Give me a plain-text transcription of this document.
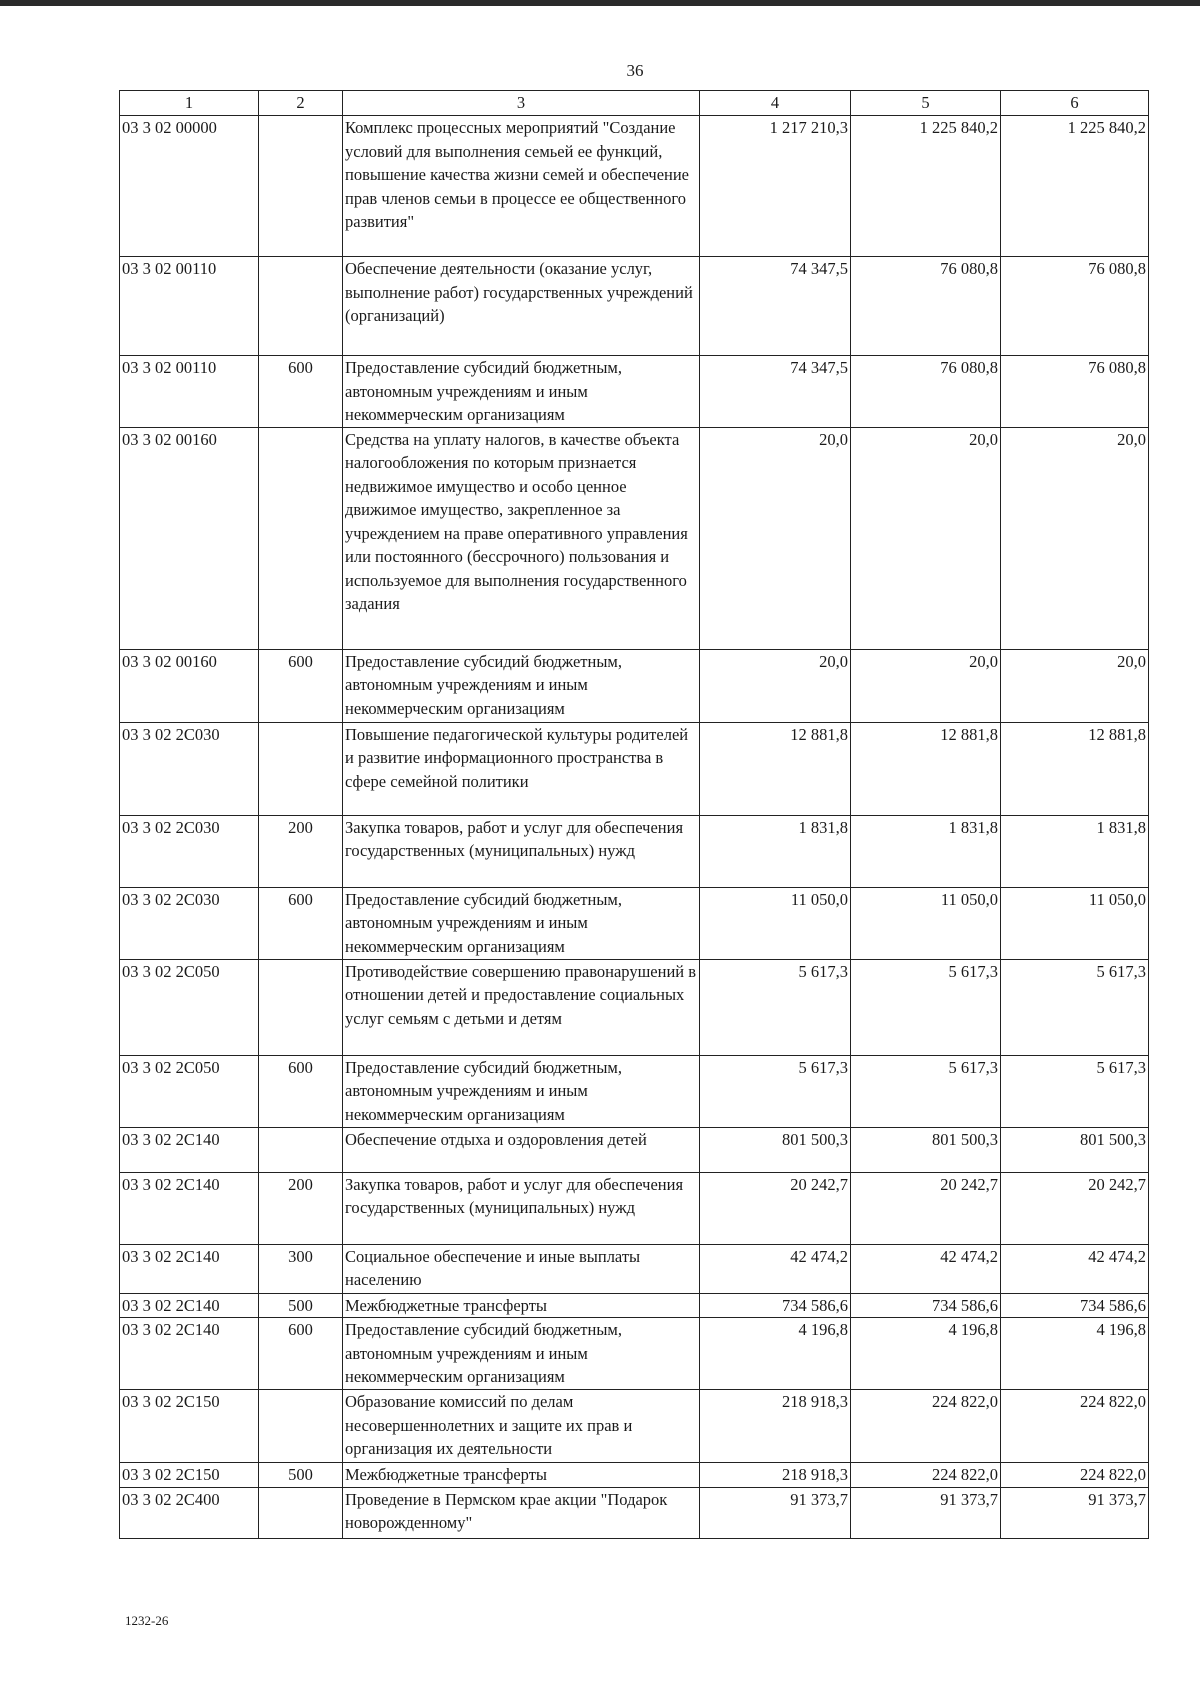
36
1	2	3	4	5	6
03 3 02 00000		Комплекс процессных мероприятий "Создание условий для выполнения семьей ее функций, повышение качества жизни семей и обеспечение прав членов семьи в процессе ее общественного развития"	1 217 210,3	1 225 840,2	1 225 840,2
03 3 02 00110		Обеспечение деятельности (оказание услуг, выполнение работ) государственных учреждений (организаций)	74 347,5	76 080,8	76 080,8
03 3 02 00110	600	Предоставление субсидий бюджетным, автономным учреждениям и иным некоммерческим организациям	74 347,5	76 080,8	76 080,8
03 3 02 00160		Средства на уплату налогов, в качестве объекта налогообложения по которым признается недвижимое имущество и особо ценное движимое имущество, закрепленное за учреждением на праве оперативного управления или постоянного (бессрочного) пользования и используемое для выполнения государственного задания	20,0	20,0	20,0
03 3 02 00160	600	Предоставление субсидий бюджетным, автономным учреждениям и иным некоммерческим организациям	20,0	20,0	20,0
03 3 02 2С030		Повышение педагогической культуры родителей и развитие информационного пространства в сфере семейной политики	12 881,8	12 881,8	12 881,8
03 3 02 2С030	200	Закупка товаров, работ и услуг для обеспечения государственных (муниципальных) нужд	1 831,8	1 831,8	1 831,8
03 3 02 2С030	600	Предоставление субсидий бюджетным, автономным учреждениям и иным некоммерческим организациям	11 050,0	11 050,0	11 050,0
03 3 02 2С050		Противодействие совершению правонарушений в отношении детей и предоставление социальных услуг семьям с детьми и детям	5 617,3	5 617,3	5 617,3
03 3 02 2С050	600	Предоставление субсидий бюджетным, автономным учреждениям и иным некоммерческим организациям	5 617,3	5 617,3	5 617,3
03 3 02 2С140		Обеспечение отдыха и оздоровления детей	801 500,3	801 500,3	801 500,3
03 3 02 2С140	200	Закупка товаров, работ и услуг для обеспечения государственных (муниципальных) нужд	20 242,7	20 242,7	20 242,7
03 3 02 2С140	300	Социальное обеспечение и иные выплаты населению	42 474,2	42 474,2	42 474,2
03 3 02 2С140	500	Межбюджетные трансферты	734 586,6	734 586,6	734 586,6
03 3 02 2С140	600	Предоставление субсидий бюджетным, автономным учреждениям и иным некоммерческим организациям	4 196,8	4 196,8	4 196,8
03 3 02 2С150		Образование комиссий по делам несовершеннолетних и защите их прав и организация их деятельности	218 918,3	224 822,0	224 822,0
03 3 02 2С150	500	Межбюджетные трансферты	218 918,3	224 822,0	224 822,0
03 3 02 2С400		Проведение в Пермском крае акции "Подарок новорожденному"	91 373,7	91 373,7	91 373,7
1232-26
